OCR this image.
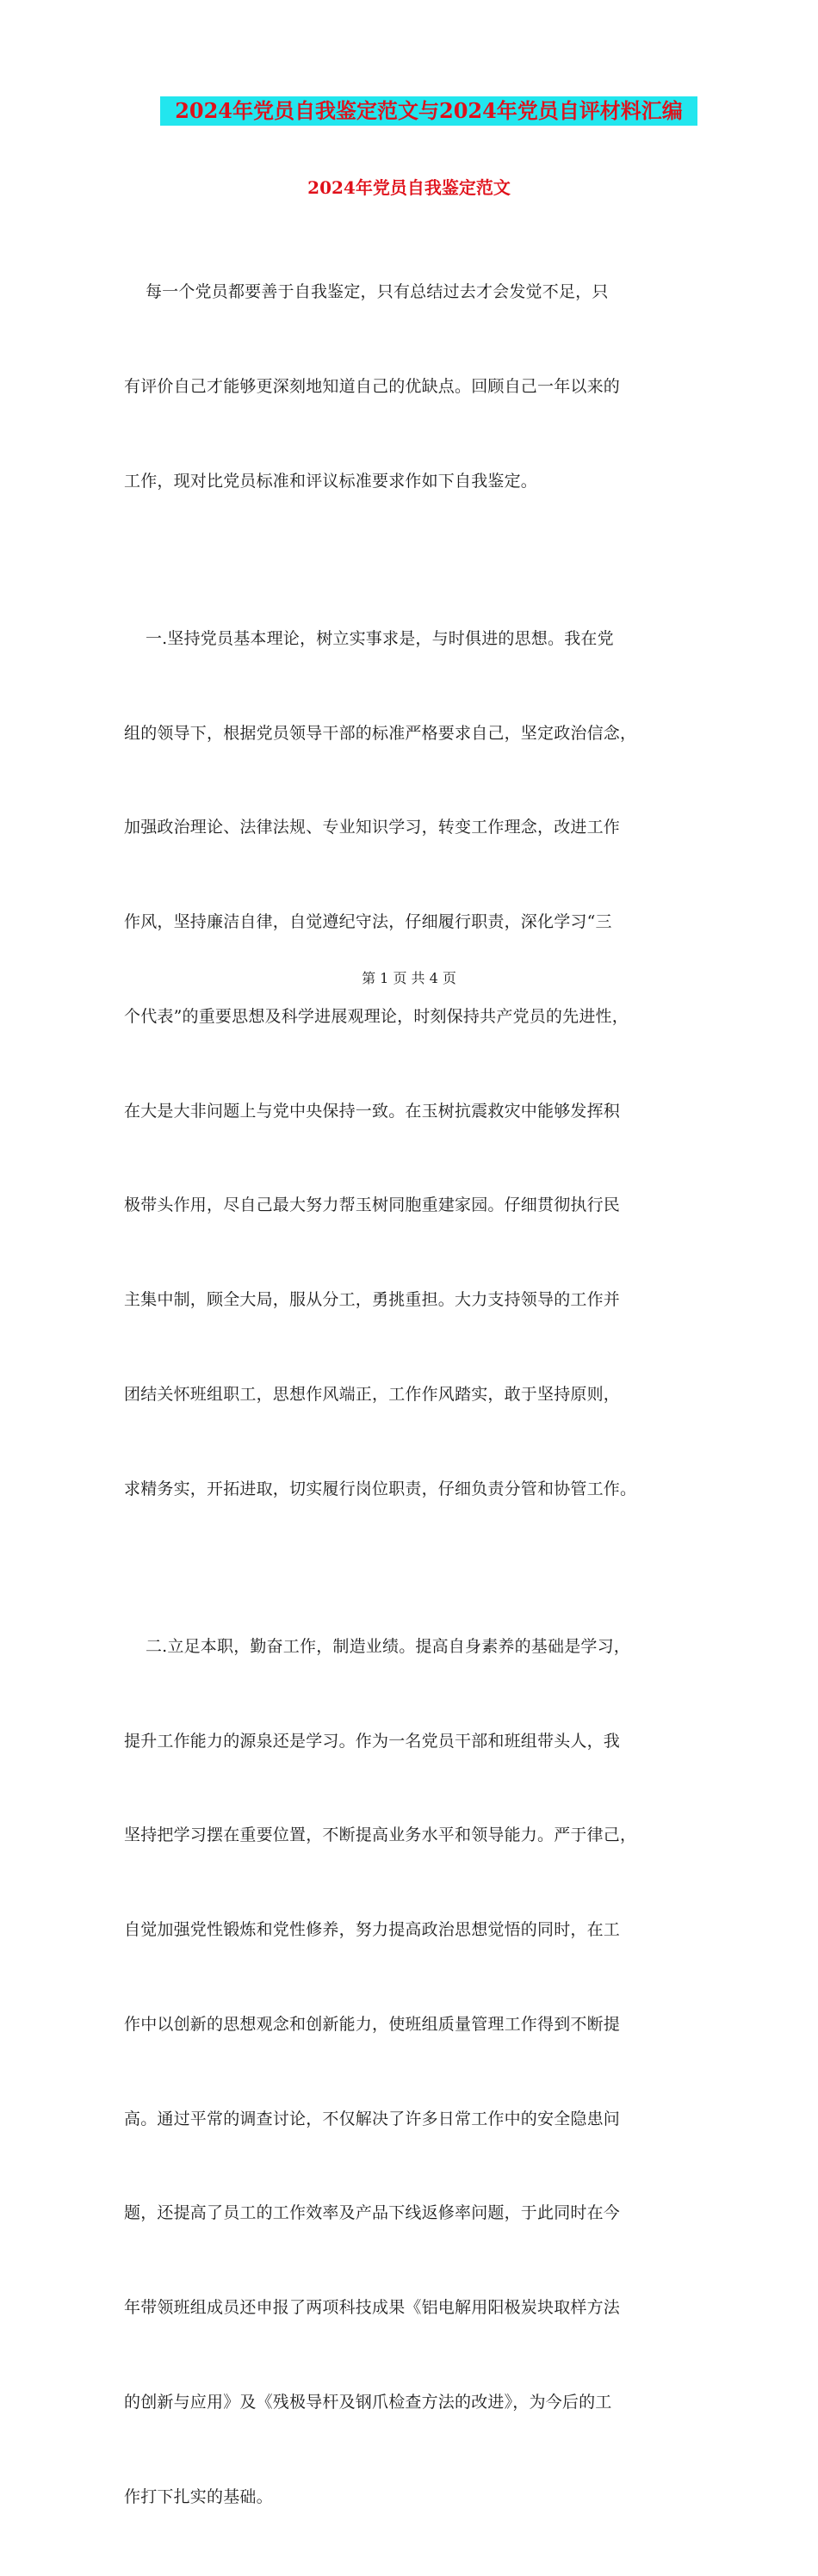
2024年党员自我鉴定范文与2024年党员自评材料汇编
2024年党员自我鉴定范文

每一个党员都要善于自我鉴定，只有总结过去才会发觉不足，只

有评价自己才能够更深刻地知道自己的优缺点。回顾自己一年以来的

工作，现对比党员标准和评议标准要求作如下自我鉴定。

一.坚持党员基本理论，树立实事求是，与时俱进的思想。我在党

组的领导下，根据党员领导干部的标准严格要求自己，坚定政治信念，

加强政治理论、法律法规、专业知识学习，转变工作理念，改进工作

作风，坚持廉洁自律，自觉遵纪守法，仔细履行职责，深化学习“三

个代表”的重要思想及科学进展观理论，时刻保持共产党员的先进性，

在大是大非问题上与党中央保持一致。在玉树抗震救灾中能够发挥积

极带头作用，尽自己最大努力帮玉树同胞重建家园。仔细贯彻执行民

主集中制，顾全大局，服从分工，勇挑重担。大力支持领导的工作并

团结关怀班组职工，思想作风端正，工作作风踏实，敢于坚持原则，

求精务实，开拓进取，切实履行岗位职责，仔细负责分管和协管工作。

二.立足本职，勤奋工作，制造业绩。提高自身素养的基础是学习，

提升工作能力的源泉还是学习。作为一名党员干部和班组带头人，我

坚持把学习摆在重要位置，不断提高业务水平和领导能力。严于律己，

自觉加强党性锻炼和党性修养，努力提高政治思想觉悟的同时，在工

作中以创新的思想观念和创新能力，使班组质量管理工作得到不断提

高。通过平常的调查讨论，不仅解决了许多日常工作中的安全隐患问

题，还提高了员工的工作效率及产品下线返修率问题，于此同时在今

年带领班组成员还申报了两项科技成果《铝电解用阳极炭块取样方法

的创新与应用》及《残极导杆及钢爪检查方法的改进》，为今后的工

作打下扎实的基础。

第 1 页 共 4 页
